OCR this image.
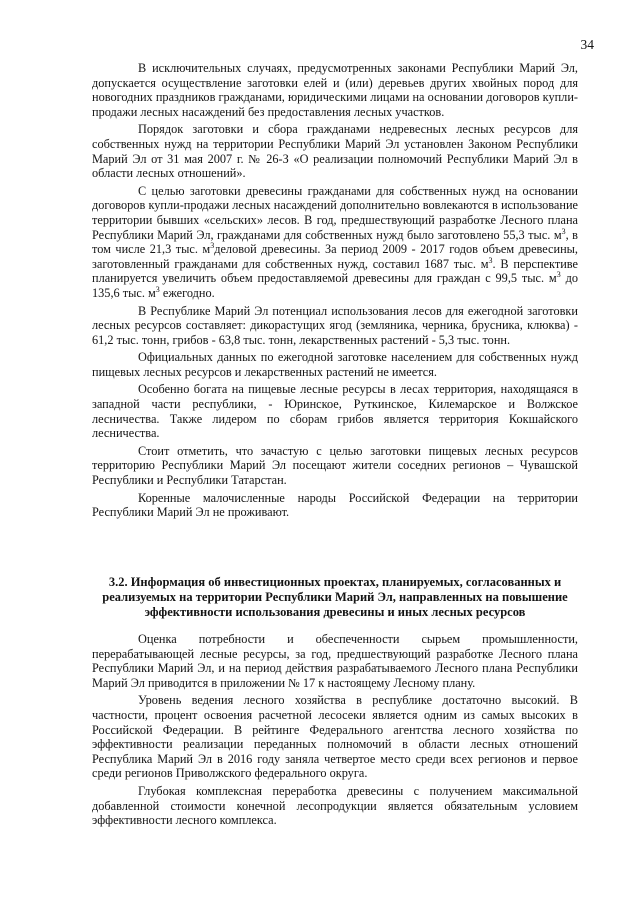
34

В исключительных случаях, предусмотренных законами Республики Марий Эл, допускается осуществление заготовки елей и (или) деревьев других хвойных пород для новогодних праздников гражданами, юридическими лицами на основании договоров купли-продажи лесных насаждений без предоставления лесных участков.

Порядок заготовки и сбора гражданами недревесных лесных ресурсов для собственных нужд на территории Республики Марий Эл установлен Законом Республики Марий Эл от 31 мая 2007 г. № 26-З «О реализации полномочий Республики Марий Эл в области лесных отношений».

С целью заготовки древесины гражданами для собственных нужд на основании договоров купли-продажи лесных насаждений дополнительно вовлекаются в использование территории бывших «сельских» лесов. В год, предшествующий разработке Лесного плана Республики Марий Эл, гражданами для собственных нужд было заготовлено 55,3 тыс. $м^3$, в том числе 21,3 тыс. $м^3деловой$ древесины. За период 2009 - 2017 годов объем древесины, заготовленный гражданами для собственных нужд, составил 1687 тыс. $м^3$. В перспективе планируется увеличить объем предоставляемой древесины для граждан с 99,5 тыс. $м^3$ до 135,6 тыс. $м^3$ ежегодно.

В Республике Марий Эл потенциал использования лесов для ежегодной заготовки лесных ресурсов составляет: дикорастущих ягод (земляника, черника, брусника, клюква) - 61,2 тыс. тонн, грибов - 63,8 тыс. тонн, лекарственных растений - 5,3 тыс. тонн.

Официальных данных по ежегодной заготовке населением для собственных нужд пищевых лесных ресурсов и лекарственных растений не имеется.

Особенно богата на пищевые лесные ресурсы в лесах территория, находящаяся в западной части республики, - Юринское, Руткинское, Килемарское и Волжское лесничества. Также лидером по сборам грибов является территория Кокшайского лесничества.

Стоит отметить, что зачастую с целью заготовки пищевых лесных ресурсов территорию Республики Марий Эл посещают жители соседних регионов – Чувашской Республики и Республики Татарстан.

Коренные малочисленные народы Российской Федерации на территории Республики Марий Эл не проживают.

3.2. Информация об инвестиционных проектах, планируемых, согласованных и реализуемых на территории Республики Марий Эл, направленных на повышение эффективности использования древесины и иных лесных ресурсов

Оценка потребности и обеспеченности сырьем промышленности, перерабатывающей лесные ресурсы, за год, предшествующий разработке Лесного плана Республики Марий Эл, и на период действия разрабатываемого Лесного плана Республики Марий Эл приводится в приложении № 17 к настоящему Лесному плану.

Уровень ведения лесного хозяйства в республике достаточно высокий. В частности, процент освоения расчетной лесосеки является одним из самых высоких в Российской Федерации. В рейтинге Федерального агентства лесного хозяйства по эффективности реализации переданных полномочий в области лесных отношений Республика Марий Эл в 2016 году заняла четвертое место среди всех регионов и первое среди регионов Приволжского федерального округа.

Глубокая комплексная переработка древесины с получением максимальной добавленной стоимости конечной лесопродукции является обязательным условием эффективности лесного комплекса.
